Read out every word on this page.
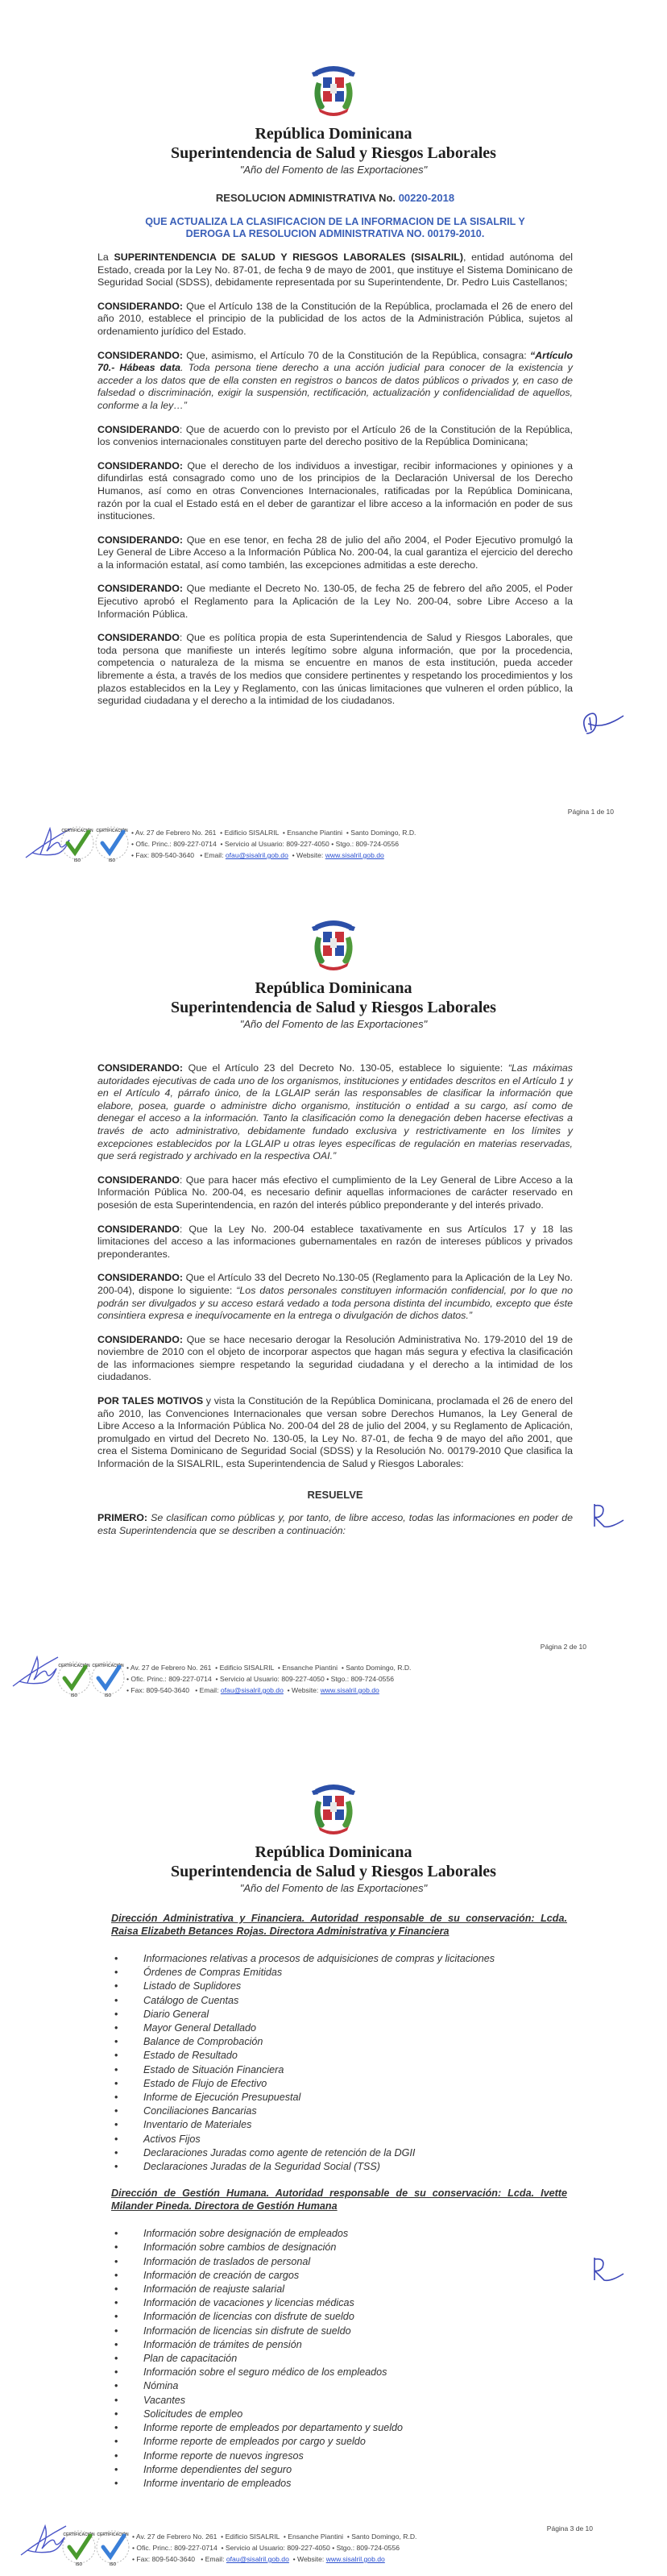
República Dominicana
Superintendencia de Salud y Riesgos Laborales
"Año del Fomento de las Exportaciones"

RESOLUCION ADMINISTRATIVA No. 00220-2018

QUE ACTUALIZA LA CLASIFICACION DE LA INFORMACION DE LA SISALRIL Y
DEROGA LA RESOLUCION ADMINISTRATIVA NO. 00179-2010.

La SUPERINTENDENCIA DE SALUD Y RIESGOS LABORALES (SISALRIL), entidad autónoma del Estado, creada por la Ley No. 87-01, de fecha 9 de mayo de 2001, que instituye el Sistema Dominicano de Seguridad Social (SDSS), debidamente representada por su Superintendente, Dr. Pedro Luis Castellanos;

CONSIDERANDO: Que el Artículo 138 de la Constitución de la República, proclamada el 26 de enero del año 2010, establece el principio de la publicidad de los actos de la Administración Pública, sujetos al ordenamiento jurídico del Estado.

CONSIDERANDO: Que, asimismo, el Artículo 70 de la Constitución de la República, consagra: “Artículo 70.- Hábeas data. Toda persona tiene derecho a una acción judicial para conocer de la existencia y acceder a los datos que de ella consten en registros o bancos de datos públicos o privados y, en caso de falsedad o discriminación, exigir la suspensión, rectificación, actualización y confidencialidad de aquellos, conforme a la ley…”

CONSIDERANDO: Que de acuerdo con lo previsto por el Artículo 26 de la Constitución de la República, los convenios internacionales constituyen parte del derecho positivo de la República Dominicana;

CONSIDERANDO: Que el derecho de los individuos a investigar, recibir informaciones y opiniones y a difundirlas está consagrado como uno de los principios de la Declaración Universal de los Derecho Humanos, así como en otras Convenciones Internacionales, ratificadas por la República Dominicana, razón por la cual el Estado está en el deber de garantizar el libre acceso a la información en poder de sus instituciones.

CONSIDERANDO: Que en ese tenor, en fecha 28 de julio del año 2004, el Poder Ejecutivo promulgó la Ley General de Libre Acceso a la Información Pública No. 200-04, la cual garantiza el ejercicio del derecho a la información estatal, así como también, las excepciones admitidas a este derecho.

CONSIDERANDO: Que mediante el Decreto No. 130-05, de fecha 25 de febrero del año 2005, el Poder Ejecutivo aprobó el Reglamento para la Aplicación de la Ley No. 200-04, sobre Libre Acceso a la Información Pública.

CONSIDERANDO: Que es política propia de esta Superintendencia de Salud y Riesgos Laborales, que toda persona que manifieste un interés legítimo sobre alguna información, que por la procedencia, competencia o naturaleza de la misma se encuentre en manos de esta institución, pueda acceder libremente a ésta, a través de los medios que considere pertinentes y respetando los procedimientos y los plazos establecidos en la Ley y Reglamento, con las únicas limitaciones que vulneren el orden público, la seguridad ciudadana y el derecho a la intimidad de los ciudadanos.

Página 1 de 10
• Av. 27 de Febrero No. 261  • Edificio SISALRIL  • Ensanche Piantini  • Santo Domingo, R.D.
• Ofic. Princ.: 809-227-0714  • Servicio al Usuario: 809-227-4050 • Stgo.: 809-724-0556
• Fax: 809-540-3640   • Email: ofau@sisalril.gob.do  • Website: www.sisalril.gob.do
República Dominicana
Superintendencia de Salud y Riesgos Laborales
"Año del Fomento de las Exportaciones"

CONSIDERANDO: Que el Artículo 23 del Decreto No. 130-05, establece lo siguiente: “Las máximas autoridades ejecutivas de cada uno de los organismos, instituciones y entidades descritos en el Artículo 1 y en el Artículo 4, párrafo único, de la LGLAIP serán las responsables de clasificar la información que elabore, posea, guarde o administre dicho organismo, institución o entidad a su cargo, así como de denegar el acceso a la información. Tanto la clasificación como la denegación deben hacerse efectivas a través de acto administrativo, debidamente fundado exclusiva y restrictivamente en los límites y excepciones establecidos por la LGLAIP u otras leyes específicas de regulación en materias reservadas, que será registrado y archivado en la respectiva OAI.”

CONSIDERANDO: Que para hacer más efectivo el cumplimiento de la Ley General de Libre Acceso a la Información Pública No. 200-04, es necesario definir aquellas informaciones de carácter reservado en posesión de esta Superintendencia, en razón del interés público preponderante y del interés privado.

CONSIDERANDO: Que la Ley No. 200-04 establece taxativamente en sus Artículos 17 y 18 las limitaciones del acceso a las informaciones gubernamentales en razón de intereses públicos y privados preponderantes.

CONSIDERANDO: Que el Artículo 33 del Decreto No.130-05 (Reglamento para la Aplicación de la Ley No. 200-04), dispone lo siguiente: “Los datos personales constituyen información confidencial, por lo que no podrán ser divulgados y su acceso estará vedado a toda persona distinta del incumbido, excepto que éste consintiera expresa e inequívocamente en la entrega o divulgación de dichos datos.”

CONSIDERANDO: Que se hace necesario derogar la Resolución Administrativa No. 179-2010 del 19 de noviembre de 2010 con el objeto de incorporar aspectos que hagan más segura y efectiva la clasificación de las informaciones siempre respetando la seguridad ciudadana y el derecho a la intimidad de los ciudadanos.

POR TALES MOTIVOS y vista la Constitución de la República Dominicana, proclamada el 26 de enero del año 2010, las Convenciones Internacionales que versan sobre Derechos Humanos, la Ley General de Libre Acceso a la Información Pública No. 200-04 del 28 de julio del 2004, y su Reglamento de Aplicación, promulgado en virtud del Decreto No. 130-05, la Ley No. 87-01, de fecha 9 de mayo del año 2001, que crea el Sistema Dominicano de Seguridad Social (SDSS) y la Resolución No. 00179-2010 Que clasifica la Información de la SISALRIL, esta Superintendencia de Salud y Riesgos Laborales:

RESUELVE

PRIMERO: Se clasifican como públicas y, por tanto, de libre acceso, todas las informaciones en poder de esta Superintendencia que se describen a continuación:

Página 2 de 10
• Av. 27 de Febrero No. 261  • Edificio SISALRIL  • Ensanche Piantini  • Santo Domingo, R.D.
• Ofic. Princ.: 809-227-0714  • Servicio al Usuario: 809-227-4050 • Stgo.: 809-724-0556
• Fax: 809-540-3640   • Email: ofau@sisalril.gob.do  • Website: www.sisalril.gob.do
República Dominicana
Superintendencia de Salud y Riesgos Laborales
"Año del Fomento de las Exportaciones"
Dirección Administrativa y Financiera. Autoridad responsable de su conservación: Lcda. Raisa Elizabeth Betances Rojas. Directora Administrativa y Financiera
• Informaciones relativas a procesos de adquisiciones de compras y licitaciones
• Órdenes de Compras Emitidas
• Listado de Suplidores
• Catálogo de Cuentas
• Diario General
• Mayor General Detallado
• Balance de Comprobación
• Estado de Resultado
• Estado de Situación Financiera
• Estado de Flujo de Efectivo
• Informe de Ejecución Presupuestal
• Conciliaciones Bancarias
• Inventario de Materiales
• Activos Fijos
• Declaraciones Juradas como agente de retención de la DGII
• Declaraciones Juradas de la Seguridad Social (TSS)
Dirección de Gestión Humana. Autoridad responsable de su conservación: Lcda. Ivette Milander Pineda. Directora de Gestión Humana
• Información sobre designación de empleados
• Información sobre cambios de designación
• Información de traslados de personal
• Información de creación de cargos
• Información de reajuste salarial
• Información de vacaciones y licencias médicas
• Información de licencias con disfrute de sueldo
• Información de licencias sin disfrute de sueldo
• Información de trámites de pensión
• Plan de capacitación
• Información sobre el seguro médico de los empleados
• Nómina
• Vacantes
• Solicitudes de empleo
• Informe reporte de empleados por departamento y sueldo
• Informe reporte de empleados por cargo y sueldo
• Informe reporte de nuevos ingresos
• Informe dependientes del seguro
• Informe inventario de empleados
Página 3 de 10
• Av. 27 de Febrero No. 261  • Edificio SISALRIL  • Ensanche Piantini  • Santo Domingo, R.D.
• Ofic. Princ.: 809-227-0714  • Servicio al Usuario: 809-227-4050 • Stgo.: 809-724-0556
• Fax: 809-540-3640   • Email: ofau@sisalril.gob.do  • Website: www.sisalril.gob.do
